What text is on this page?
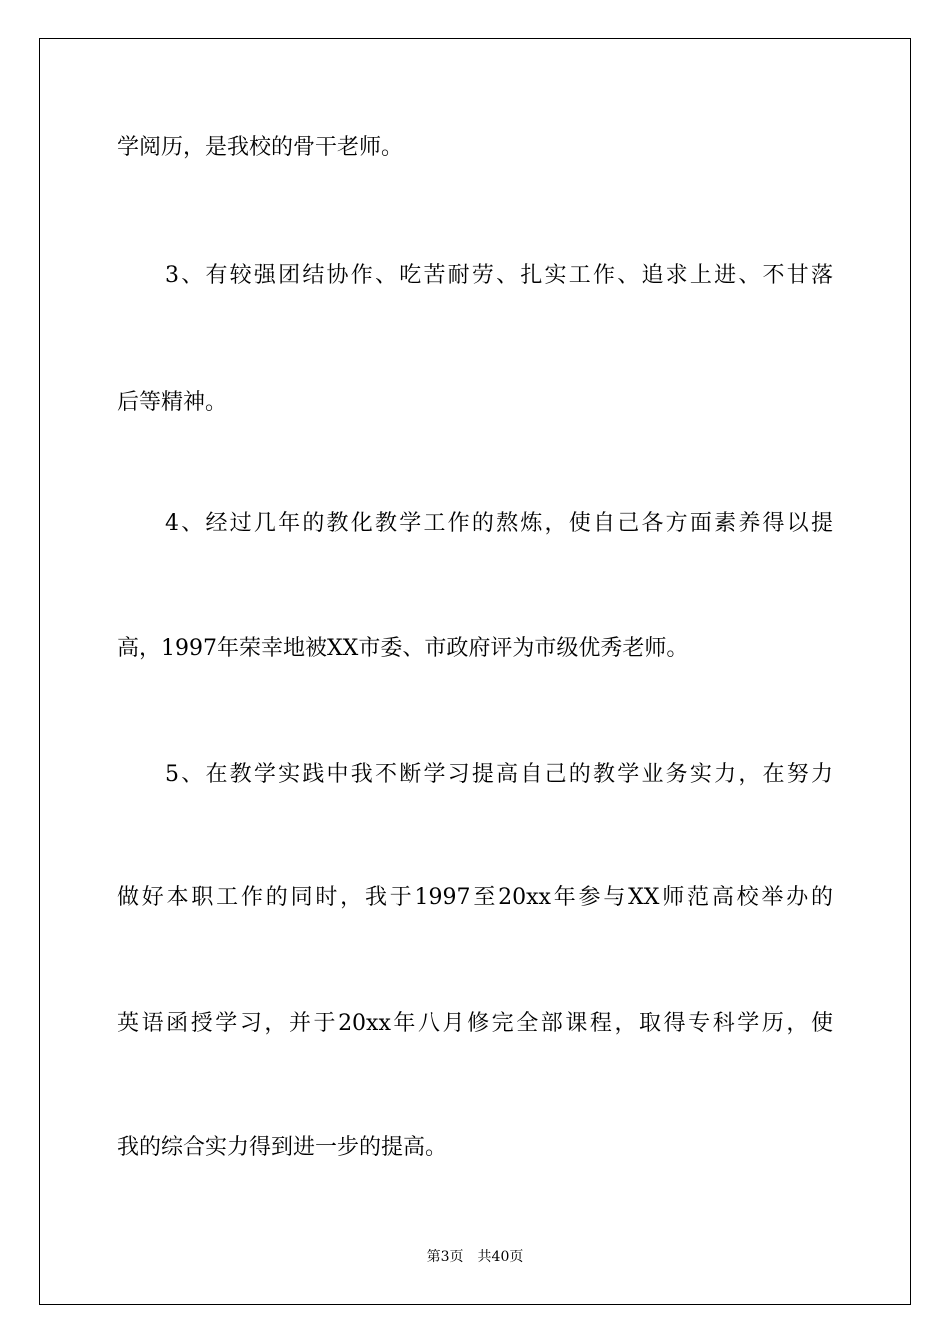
学阅历，是我校的骨干老师。
3、有较强团结协作、吃苦耐劳、扎实工作、追求上进、不甘落
后等精神。
4、经过几年的教化教学工作的熬炼，使自己各方面素养得以提
高，1997年荣幸地被XX市委、市政府评为市级优秀老师。
5、在教学实践中我不断学习提高自己的教学业务实力，在努力
做好本职工作的同时，我于1997至20xx年参与XX师范高校举办的
英语函授学习，并于20xx年八月修完全部课程，取得专科学历，使
我的综合实力得到进一步的提高。
第3页 共40页
